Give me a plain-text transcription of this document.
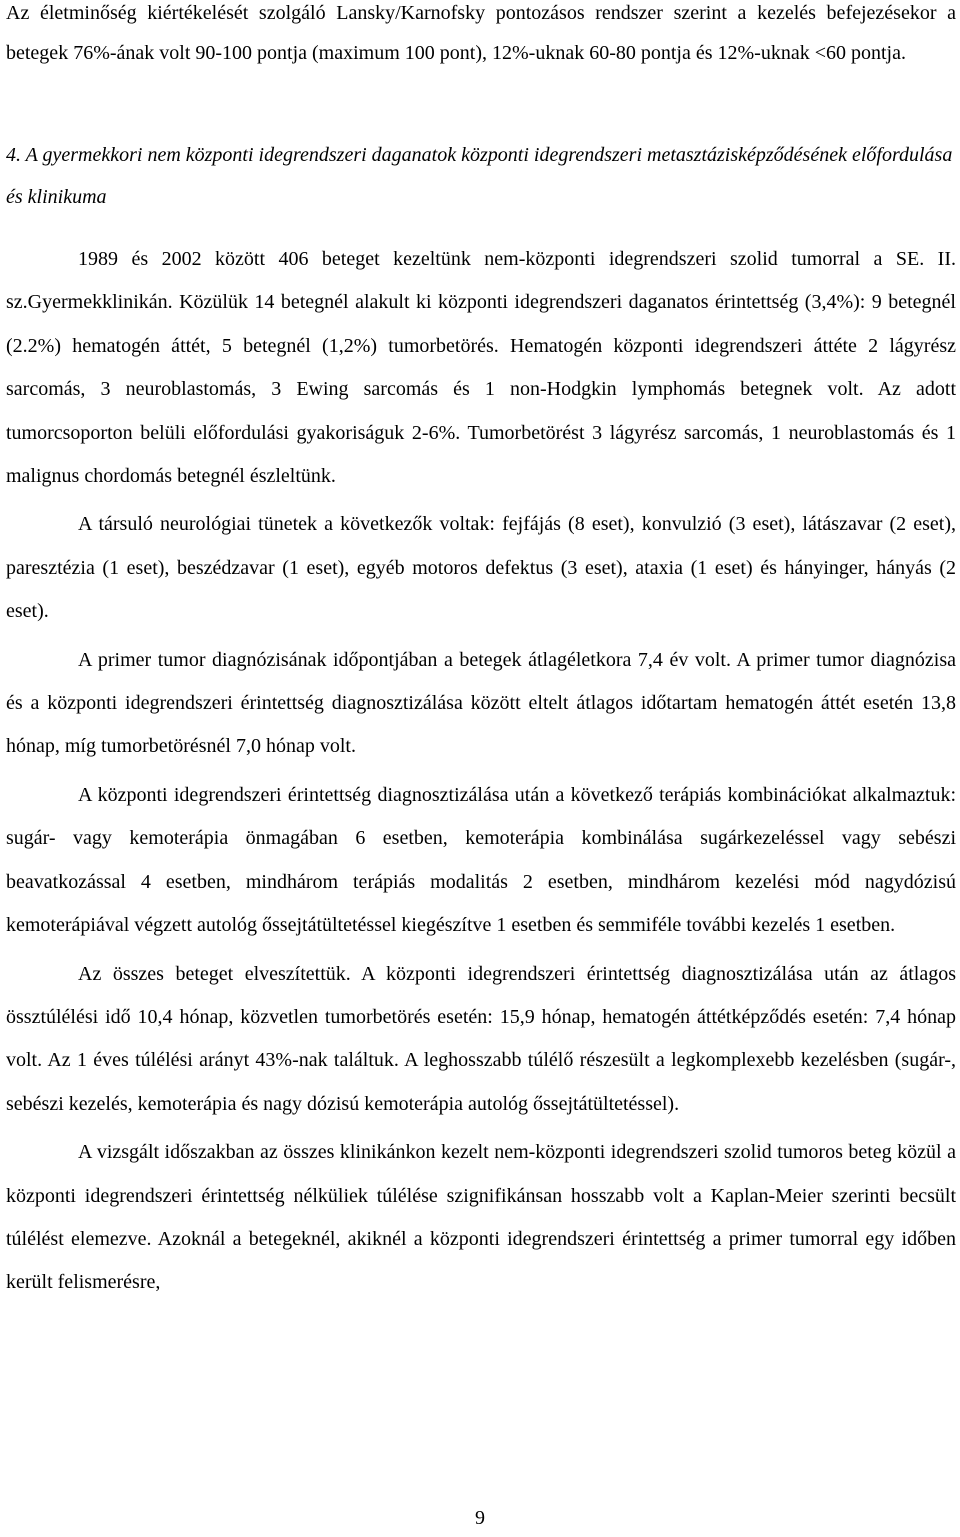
Az életminőség kiértékelését szolgáló Lansky/Karnofsky pontozásos rendszer szerint a kezelés befejezésekor a betegek 76%-ának volt 90-100 pontja (maximum 100 pont), 12%-uknak 60-80 pontja és 12%-uknak <60 pontja.

4. A gyermekkori nem központi idegrendszeri daganatok központi idegrendszeri metasztázisképződésének előfordulása és klinikuma

1989 és 2002 között 406 beteget kezeltünk nem-központi idegrendszeri szolid tumorral a SE. II. sz.Gyermekklinikán. Közülük 14 betegnél alakult ki központi idegrendszeri daganatos érintettség (3,4%): 9 betegnél (2.2%) hematogén áttét, 5 betegnél (1,2%) tumorbetörés. Hematogén központi idegrendszeri áttéte 2 lágyrész sarcomás, 3 neuroblastomás, 3 Ewing sarcomás és 1 non-Hodgkin lymphomás betegnek volt. Az adott tumorcsoporton belüli előfordulási gyakoriságuk 2-6%. Tumorbetörést 3 lágyrész sarcomás, 1 neuroblastomás és 1 malignus chordomás betegnél észleltünk.

A társuló neurológiai tünetek a következők voltak: fejfájás (8 eset), konvulzió (3 eset), látászavar (2 eset), paresztézia (1 eset), beszédzavar (1 eset), egyéb motoros defektus (3 eset), ataxia (1 eset) és hányinger, hányás (2 eset).

A primer tumor diagnózisának időpontjában a betegek átlagéletkora 7,4 év volt. A primer tumor diagnózisa és a központi idegrendszeri érintettség diagnosztizálása között eltelt átlagos időtartam hematogén áttét esetén 13,8 hónap, míg tumorbetörésnél 7,0 hónap volt.

A központi idegrendszeri érintettség diagnosztizálása után a következő terápiás kombinációkat alkalmaztuk: sugár- vagy kemoterápia önmagában 6 esetben, kemoterápia kombinálása sugárkezeléssel vagy sebészi beavatkozással 4 esetben, mindhárom terápiás modalitás 2 esetben, mindhárom kezelési mód nagydózisú kemoterápiával végzett autológ őssejtátültetéssel kiegészítve 1 esetben és semmiféle további kezelés 1 esetben.

Az összes beteget elveszítettük. A központi idegrendszeri érintettség diagnosztizálása után az átlagos össztúlélési idő 10,4 hónap, közvetlen tumorbetörés esetén: 15,9 hónap, hematogén áttétképződés esetén: 7,4 hónap volt. Az 1 éves túlélési arányt 43%-nak találtuk. A leghosszabb túlélő részesült a legkomplexebb kezelésben (sugár-, sebészi kezelés, kemoterápia és nagy dózisú kemoterápia autológ őssejtátültetéssel).

A vizsgált időszakban az összes klinikánkon kezelt nem-központi idegrendszeri szolid tumoros beteg közül a központi idegrendszeri érintettség nélküliek túlélése szignifikánsan hosszabb volt a Kaplan-Meier szerinti becsült túlélést elemezve. Azoknál a betegeknél, akiknél a központi idegrendszeri érintettség a primer tumorral egy időben került felismerésre,

9
